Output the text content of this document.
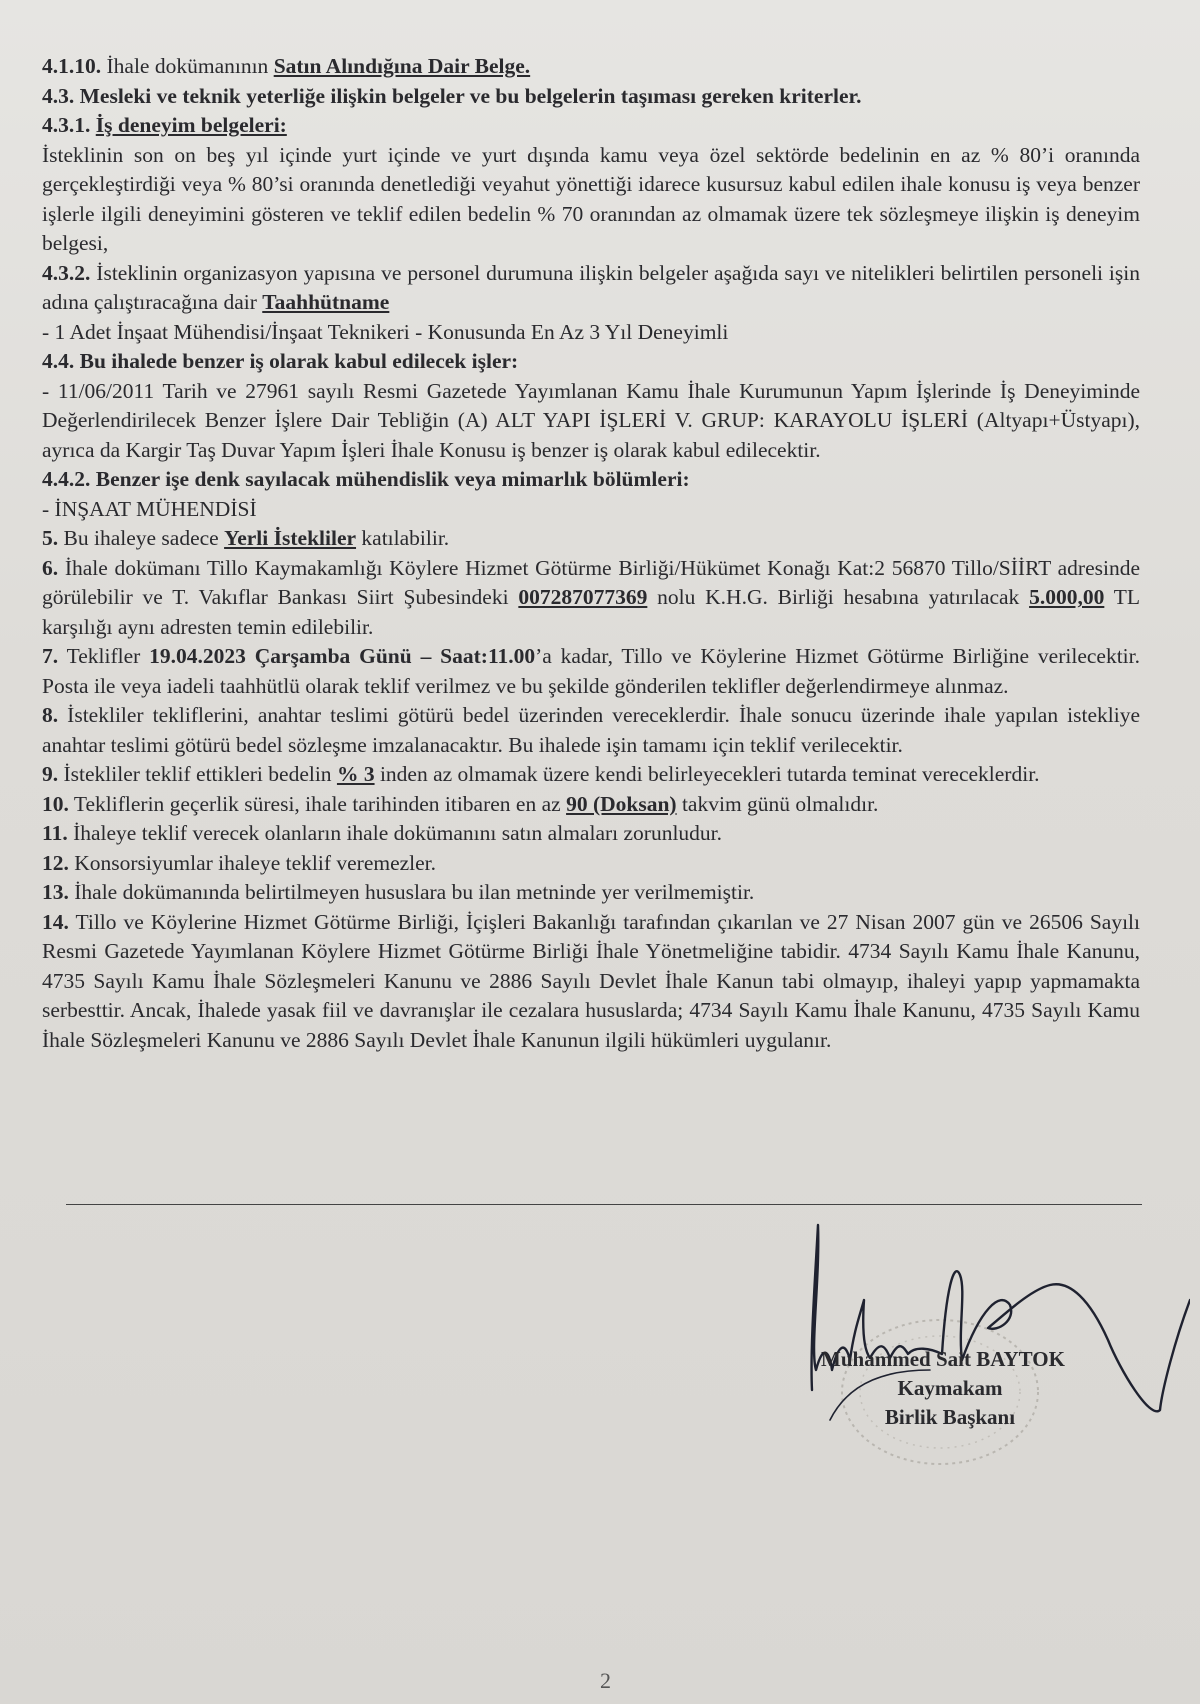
4.1.10. İhale dokümanının Satın Alındığına Dair Belge.

4.3. Mesleki ve teknik yeterliğe ilişkin belgeler ve bu belgelerin taşıması gereken kriterler.

4.3.1. İş deneyim belgeleri:

İsteklinin son on beş yıl içinde yurt içinde ve yurt dışında kamu veya özel sektörde bedelinin en az % 80’i oranında gerçekleştirdiği veya % 80’si oranında denetlediği veyahut yönettiği idarece kusursuz kabul edilen ihale konusu iş veya benzer işlerle ilgili deneyimini gösteren ve teklif edilen bedelin % 70 oranından az olmamak üzere tek sözleşmeye ilişkin iş deneyim belgesi,

4.3.2. İsteklinin organizasyon yapısına ve personel durumuna ilişkin belgeler aşağıda sayı ve nitelikleri belirtilen personeli işin adına çalıştıracağına dair Taahhütname

- 1 Adet İnşaat Mühendisi/İnşaat Teknikeri - Konusunda En Az 3 Yıl Deneyimli

4.4. Bu ihalede benzer iş olarak kabul edilecek işler:

- 11/06/2011 Tarih ve 27961 sayılı Resmi Gazetede Yayımlanan Kamu İhale Kurumunun Yapım İşlerinde İş Deneyiminde Değerlendirilecek Benzer İşlere Dair Tebliğin (A) ALT YAPI İŞLERİ V. GRUP: KARAYOLU İŞLERİ (Altyapı+Üstyapı), ayrıca da Kargir Taş Duvar Yapım İşleri İhale Konusu iş benzer iş olarak kabul edilecektir.

4.4.2. Benzer işe denk sayılacak mühendislik veya mimarlık bölümleri:

- İNŞAAT MÜHENDİSİ

5. Bu ihaleye sadece Yerli İstekliler katılabilir.

6. İhale dokümanı Tillo Kaymakamlığı Köylere Hizmet Götürme Birliği/Hükümet Konağı Kat:2 56870 Tillo/SİİRT adresinde görülebilir ve T. Vakıflar Bankası Siirt Şubesindeki 007287077369 nolu K.H.G. Birliği hesabına yatırılacak 5.000,00 TL karşılığı aynı adresten temin edilebilir.

7. Teklifler 19.04.2023 Çarşamba Günü – Saat:11.00’a kadar, Tillo ve Köylerine Hizmet Götürme Birliğine verilecektir. Posta ile veya iadeli taahhütlü olarak teklif verilmez ve bu şekilde gönderilen teklifler değerlendirmeye alınmaz.

8. İstekliler tekliflerini, anahtar teslimi götürü bedel üzerinden vereceklerdir. İhale sonucu üzerinde ihale yapılan istekliye anahtar teslimi götürü bedel sözleşme imzalanacaktır. Bu ihalede işin tamamı için teklif verilecektir.

9. İstekliler teklif ettikleri bedelin % 3 inden az olmamak üzere kendi belirleyecekleri tutarda teminat vereceklerdir.

10. Tekliflerin geçerlik süresi, ihale tarihinden itibaren en az 90 (Doksan) takvim günü olmalıdır.

11. İhaleye teklif verecek olanların ihale dokümanını satın almaları zorunludur.

12. Konsorsiyumlar ihaleye teklif veremezler.

13. İhale dokümanında belirtilmeyen hususlara bu ilan metninde yer verilmemiştir.

14. Tillo ve Köylerine Hizmet Götürme Birliği, İçişleri Bakanlığı tarafından çıkarılan ve 27 Nisan 2007 gün ve 26506 Sayılı Resmi Gazetede Yayımlanan Köylere Hizmet Götürme Birliği İhale Yönetmeliğine tabidir. 4734 Sayılı Kamu İhale Kanunu, 4735 Sayılı Kamu İhale Sözleşmeleri Kanunu ve 2886 Sayılı Devlet İhale Kanun tabi olmayıp, ihaleyi yapıp yapmamakta serbesttir. Ancak, İhalede yasak fiil ve davranışlar ile cezalara hususlarda; 4734 Sayılı Kamu İhale Kanunu, 4735 Sayılı Kamu İhale Sözleşmeleri Kanunu ve 2886 Sayılı Devlet İhale Kanunun ilgili hükümleri uygulanır.

Muhammed Sait BAYTOK
Kaymakam
Birlik Başkanı
2
